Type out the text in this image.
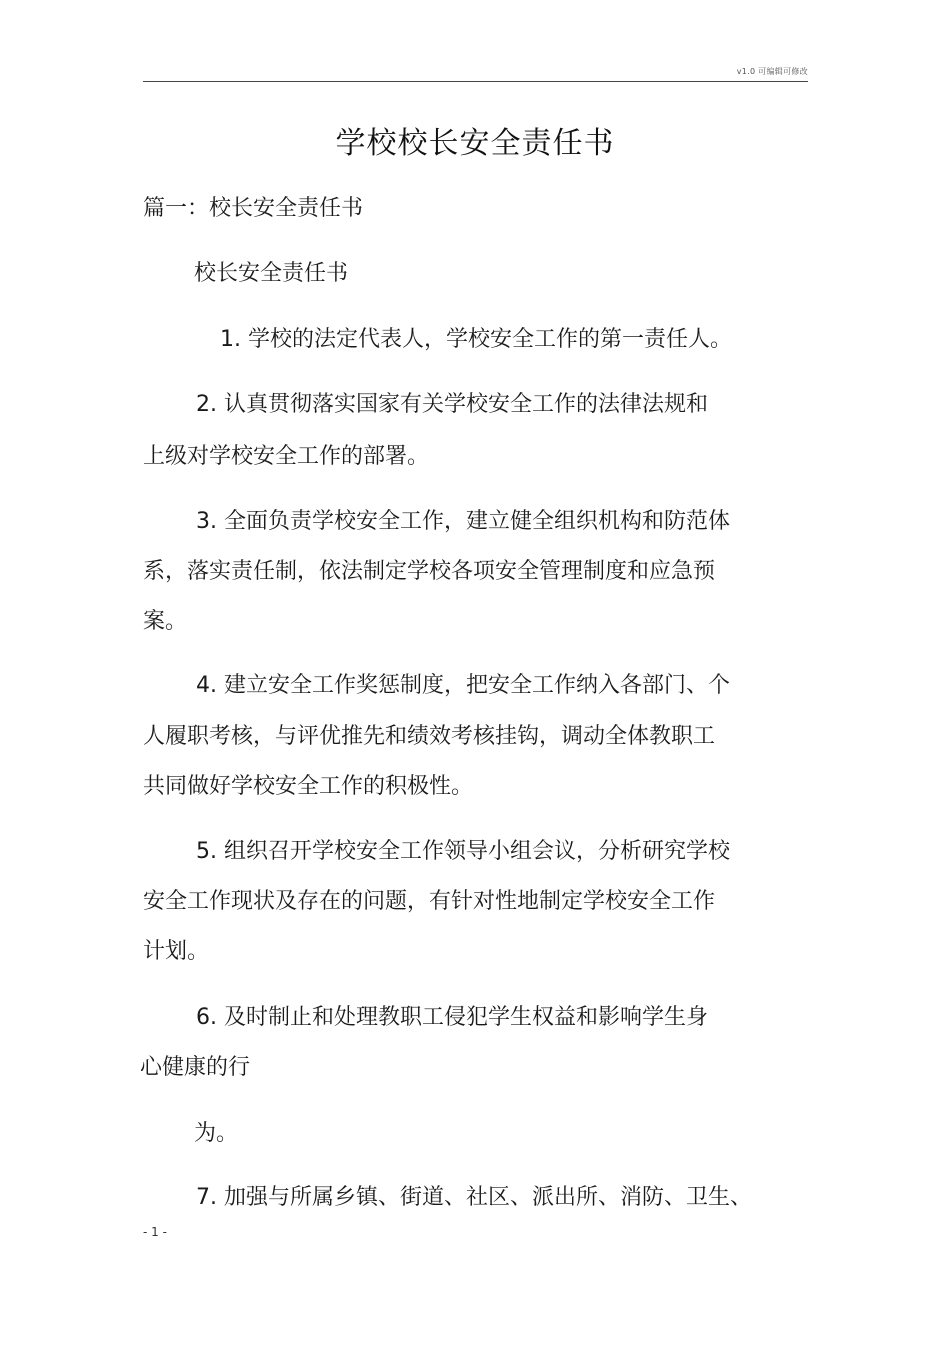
v1.0 可编辑可修改
学校校长安全责任书
篇一：校长安全责任书
校长安全责任书
1. 学校的法定代表人，学校安全工作的第一责任人。
2. 认真贯彻落实国家有关学校安全工作的法律法规和
上级对学校安全工作的部署。
3. 全面负责学校安全工作，建立健全组织机构和防范体
系，落实责任制，依法制定学校各项安全管理制度和应急预
案。
4. 建立安全工作奖惩制度，把安全工作纳入各部门、个
人履职考核，与评优推先和绩效考核挂钩，调动全体教职工
共同做好学校安全工作的积极性。
5. 组织召开学校安全工作领导小组会议，分析研究学校
安全工作现状及存在的问题，有针对性地制定学校安全工作
计划。
6. 及时制止和处理教职工侵犯学生权益和影响学生身
心健康的行
为。
7. 加强与所属乡镇、街道、社区、派出所、消防、卫生、
- 1 -
